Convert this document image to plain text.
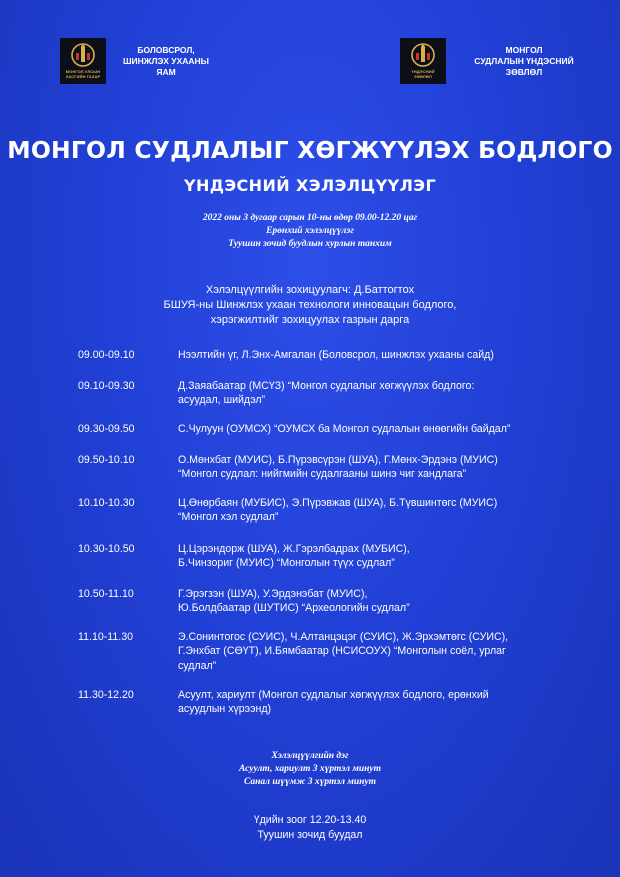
МОНГОЛ УЛСЫН ЗАСГИЙН ГАЗАР
БОЛОВСРОЛ,
ШИНЖЛЭХ УХААНЫ
ЯАМ	ҮНДЭСНИЙ ЗӨВЛӨЛ
МОНГОЛ
СУДЛАЛЫН ҮНДЭСНИЙ
ЗӨВЛӨЛ
МОНГОЛ СУДЛАЛЫГ ХӨГЖҮҮЛЭХ БОДЛОГО
ҮНДЭСНИЙ ХЭЛЭЛЦҮҮЛЭГ
2022 оны 3 дугаар сарын 10-ны өдөр 09.00-12.20 цаг
Ерөнхий хэлэлцүүлэг
Туушин зочид буудлын хурлын танхим
Хэлэлцүүлгийн зохицуулагч: Д.Баттогтох
БШУЯ-ны Шинжлэх ухаан технологи инновацын бодлого,
хэрэгжилтийг зохицуулах газрын дарга
09.00-09.10	Нээлтийн үг, Л.Энх-Амгалан (Боловсрол, шинжлэх ухааны сайд)
09.10-09.30	Д.Заяабаатар (МСҮЗ) “Монгол судлалыг хөгжүүлэх бодлого:
асуудал, шийдэл”
09.30-09.50	С.Чулуун (ОУМСХ) “ОУМСХ ба Монгол судлалын өнөөгийн байдал”
09.50-10.10	О.Мөнхбат (МУИС), Б.Пүрэвсүрэн (ШУА), Г.Мөнх-Эрдэнэ (МУИС)
“Монгол судлал: нийгмийн судалгааны шинэ чиг хандлага”
10.10-10.30	Ц.Өнөрбаян (МУБИС), Э.Пүрэвжав (ШУА), Б.Түвшинтөгс (МУИС)
“Монгол хэл судлал”
10.30-10.50	Ц.Цэрэндорж (ШУА), Ж.Гэрэлбадрах (МУБИС),
Б.Чинзориг (МУИС) “Монголын түүх судлал”
10.50-11.10	Г.Эрэгзэн (ШУА), У.Эрдэнэбат (МУИС),
Ю.Болдбаатар (ШУТИС) “Археологийн судлал”
11.10-11.30	Э.Сонинтогос (СУИС), Ч.Алтанцэцэг (СУИС), Ж.Эрхэмтөгс (СУИС),
Г.Энхбат (СӨҮТ), И.Бямбаатар (НСИСОУХ) “Монголын соёл, урлаг
судлал”
11.30-12.20	Асуулт, хариулт (Монгол судлалыг хөгжүүлэх бодлого, ерөнхий
асуудлын хүрээнд)
Хэлэлцүүлгийн дэг
Асуулт, хариулт 3 хүртэл минут
Санал шүүмж 3 хүртэл минут
Үдийн зоог 12.20-13.40
Туушин зочид буудал
